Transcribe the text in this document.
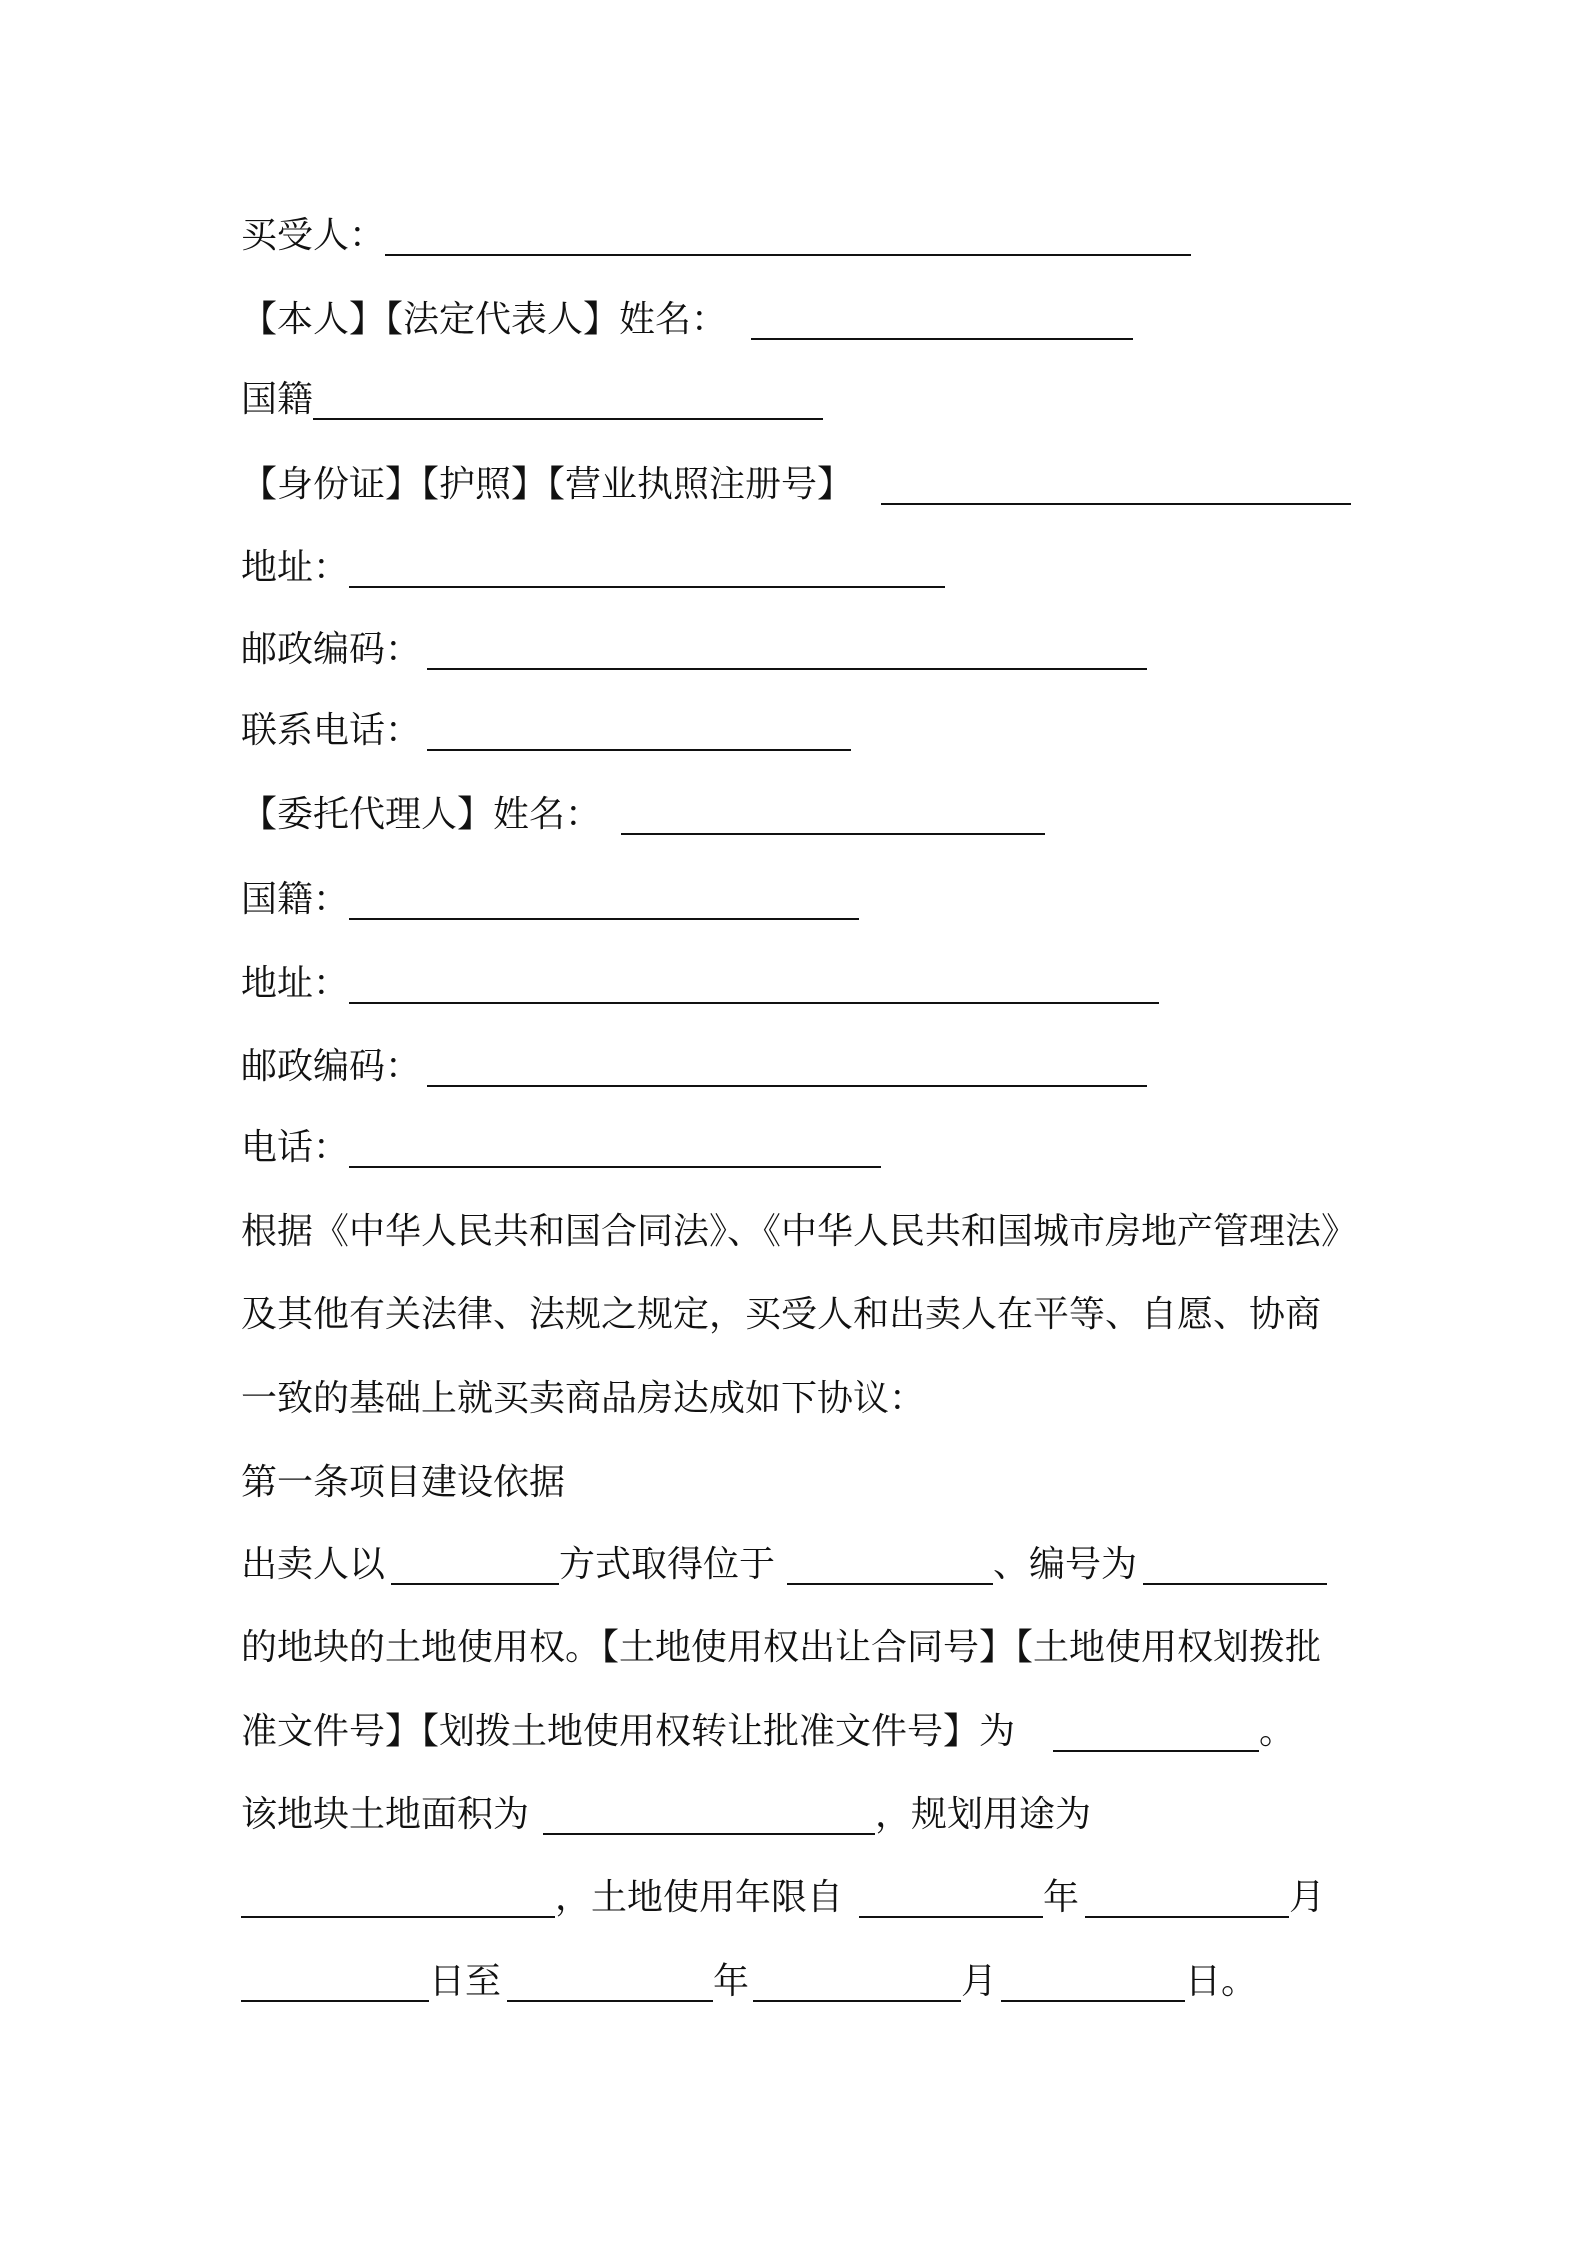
买受人：

【本人】【法定代表人】姓名：

国籍

【身份证】【护照】【营业执照注册号】

地址：

邮政编码：

联系电话：

【委托代理人】姓名：

国籍：

地址：

邮政编码：

电话：

根据《中华人民共和国合同法》、《中华人民共和国城市房地产管理法》

及其他有关法律、法规之规定，买受人和出卖人在平等、自愿、协商

一致的基础上就买卖商品房达成如下协议：

第一条项目建设依据

出卖人以	方式取得位于	、编号为

的地块的土地使用权。【土地使用权出让合同号】【土地使用权划拨批

准文件号】【划拨土地使用权转让批准文件号】为	。

该地块土地面积为	，规划用途为

，土地使用年限自	年	月

日至	年	月	日。
